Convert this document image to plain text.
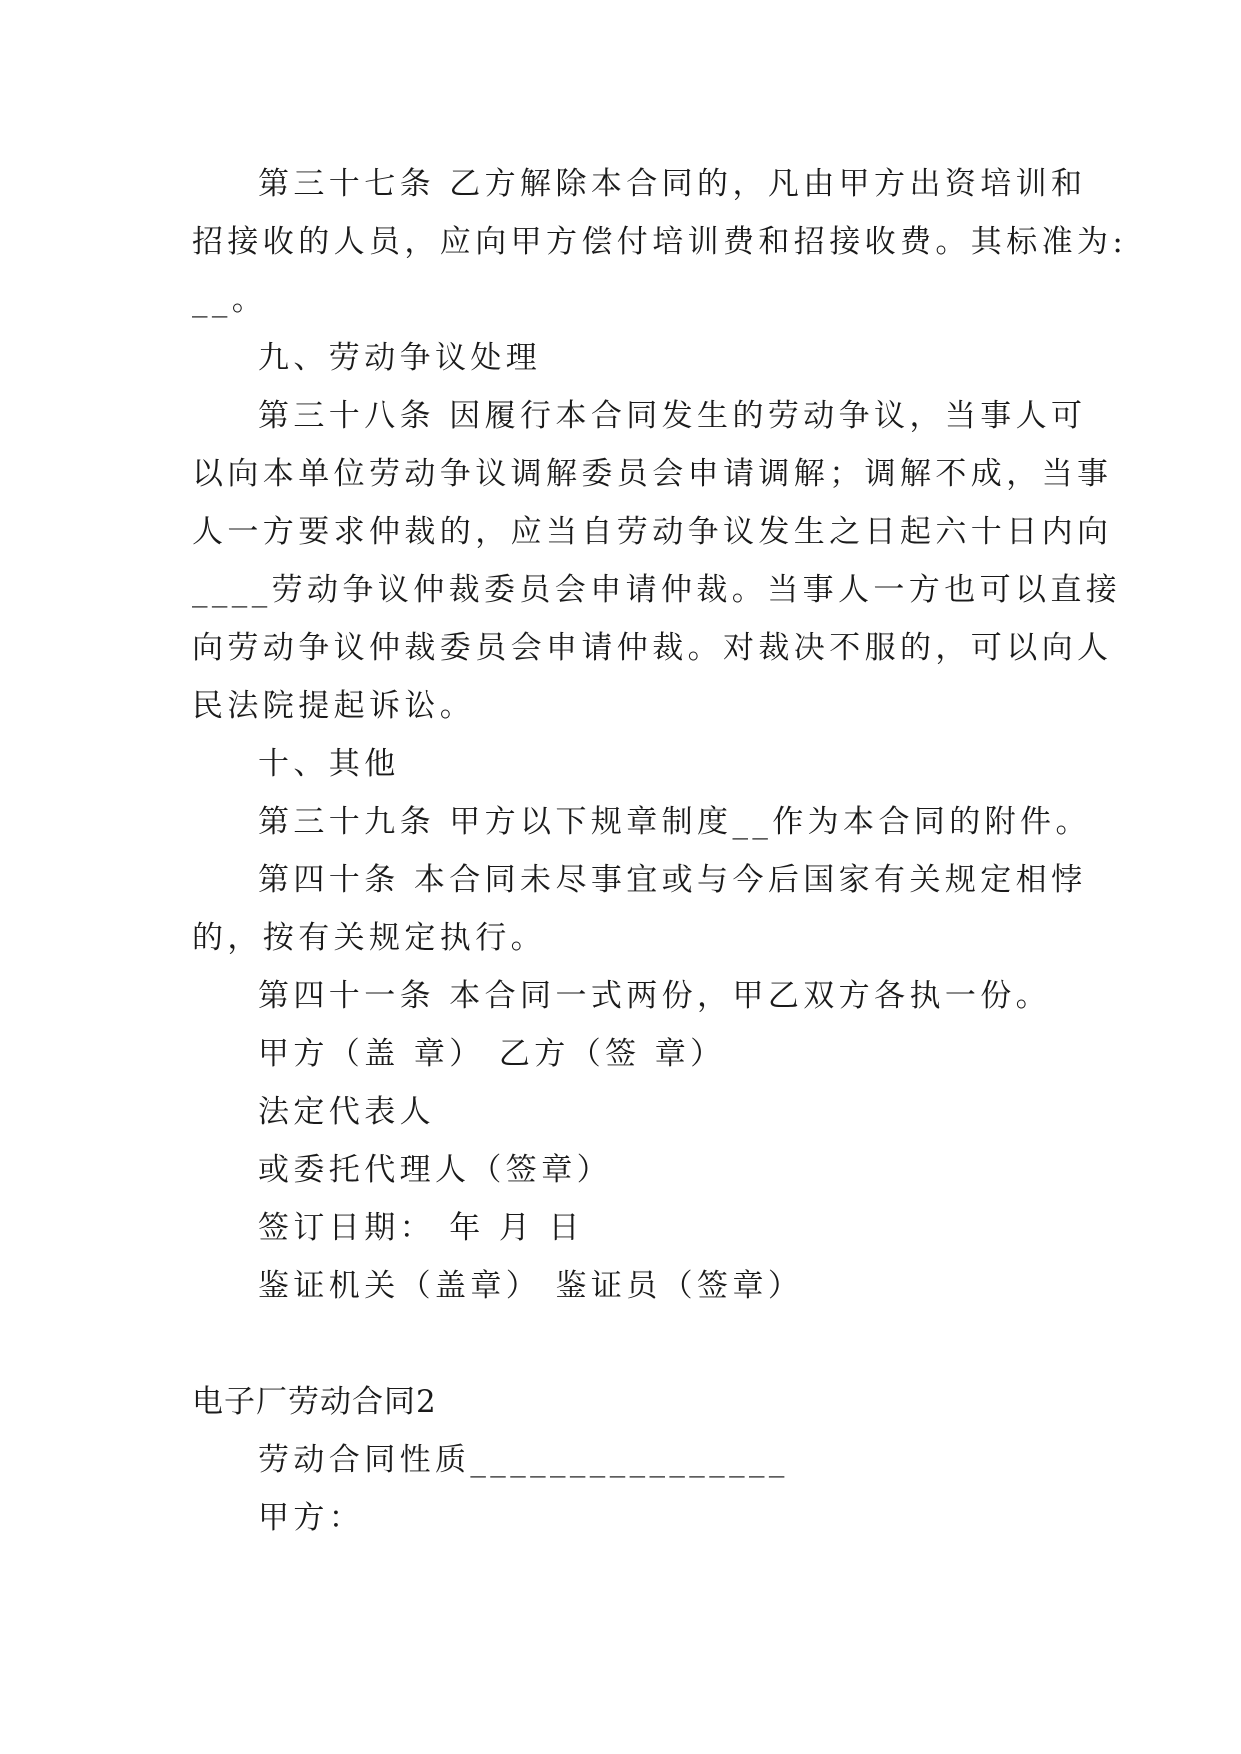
第三十七条 乙方解除本合同的，凡由甲方出资培训和
招接收的人员，应向甲方偿付培训费和招接收费。其标准为:
__。
九、劳动争议处理
第三十八条 因履行本合同发生的劳动争议，当事人可
以向本单位劳动争议调解委员会申请调解；调解不成，当事
人一方要求仲裁的，应当自劳动争议发生之日起六十日内向
____劳动争议仲裁委员会申请仲裁。当事人一方也可以直接
向劳动争议仲裁委员会申请仲裁。对裁决不服的，可以向人
民法院提起诉讼。
十、其他
第三十九条 甲方以下规章制度__作为本合同的附件。
第四十条 本合同未尽事宜或与今后国家有关规定相悖
的，按有关规定执行。
第四十一条 本合同一式两份，甲乙双方各执一份。
甲方（盖 章） 乙方（签 章）
法定代表人
或委托代理人（签章）
签订日期： 年 月 日
鉴证机关（盖章） 鉴证员（签章）
电子厂劳动合同2
劳动合同性质________________
甲方：
